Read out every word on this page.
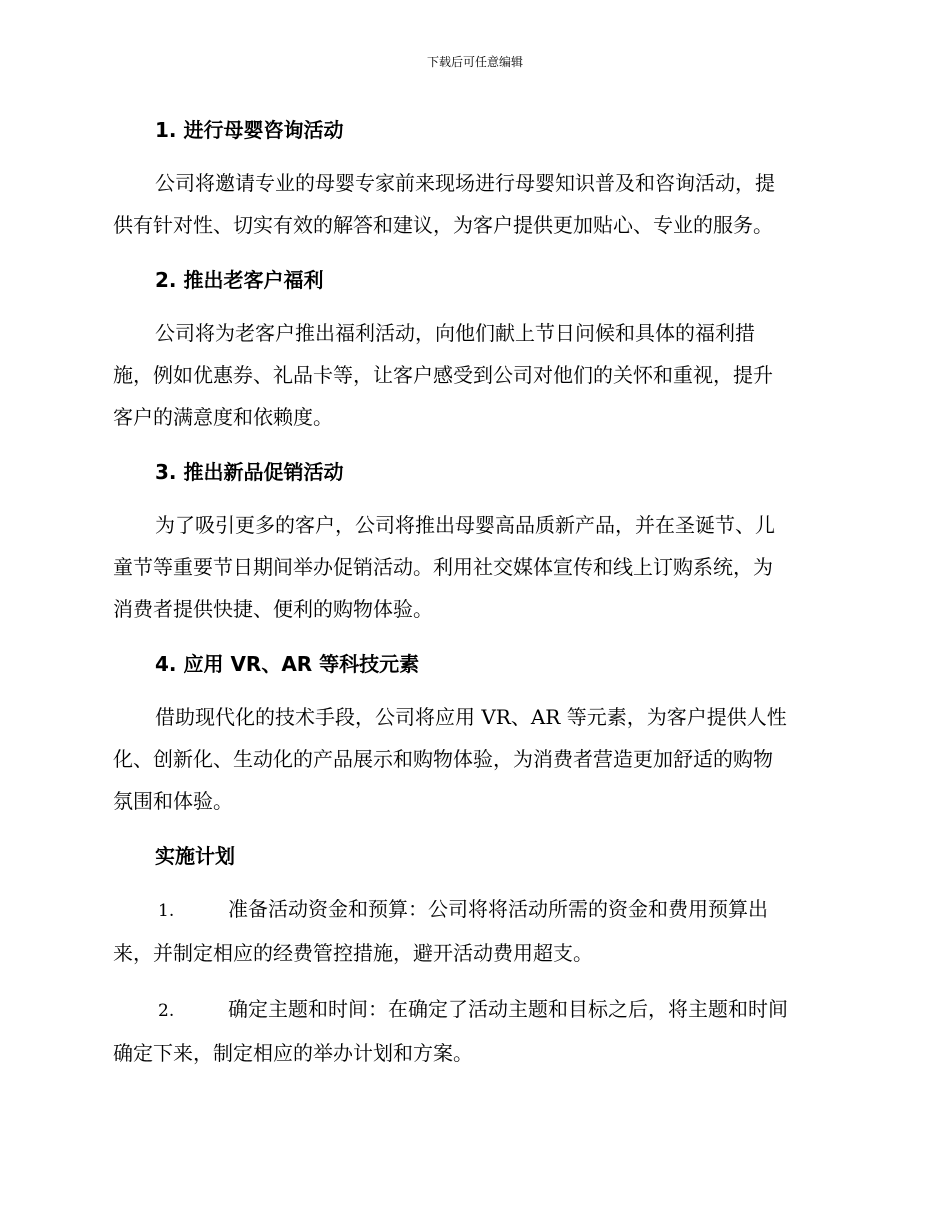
下载后可任意编辑
1. 进行母婴咨询活动
公司将邀请专业的母婴专家前来现场进行母婴知识普及和咨询活动，提
供有针对性、切实有效的解答和建议，为客户提供更加贴心、专业的服务。
2. 推出老客户福利
公司将为老客户推出福利活动，向他们献上节日问候和具体的福利措
施，例如优惠券、礼品卡等，让客户感受到公司对他们的关怀和重视，提升
客户的满意度和依赖度。
3. 推出新品促销活动
为了吸引更多的客户，公司将推出母婴高品质新产品，并在圣诞节、儿
童节等重要节日期间举办促销活动。利用社交媒体宣传和线上订购系统，为
消费者提供快捷、便利的购物体验。
4. 应用 VR、AR 等科技元素
借助现代化的技术手段，公司将应用 VR、AR 等元素，为客户提供人性
化、创新化、生动化的产品展示和购物体验，为消费者营造更加舒适的购物
氛围和体验。
实施计划
1.	准备活动资金和预算：公司将将活动所需的资金和费用预算出
来，并制定相应的经费管控措施，避开活动费用超支。
2.	确定主题和时间：在确定了活动主题和目标之后，将主题和时间
确定下来，制定相应的举办计划和方案。
